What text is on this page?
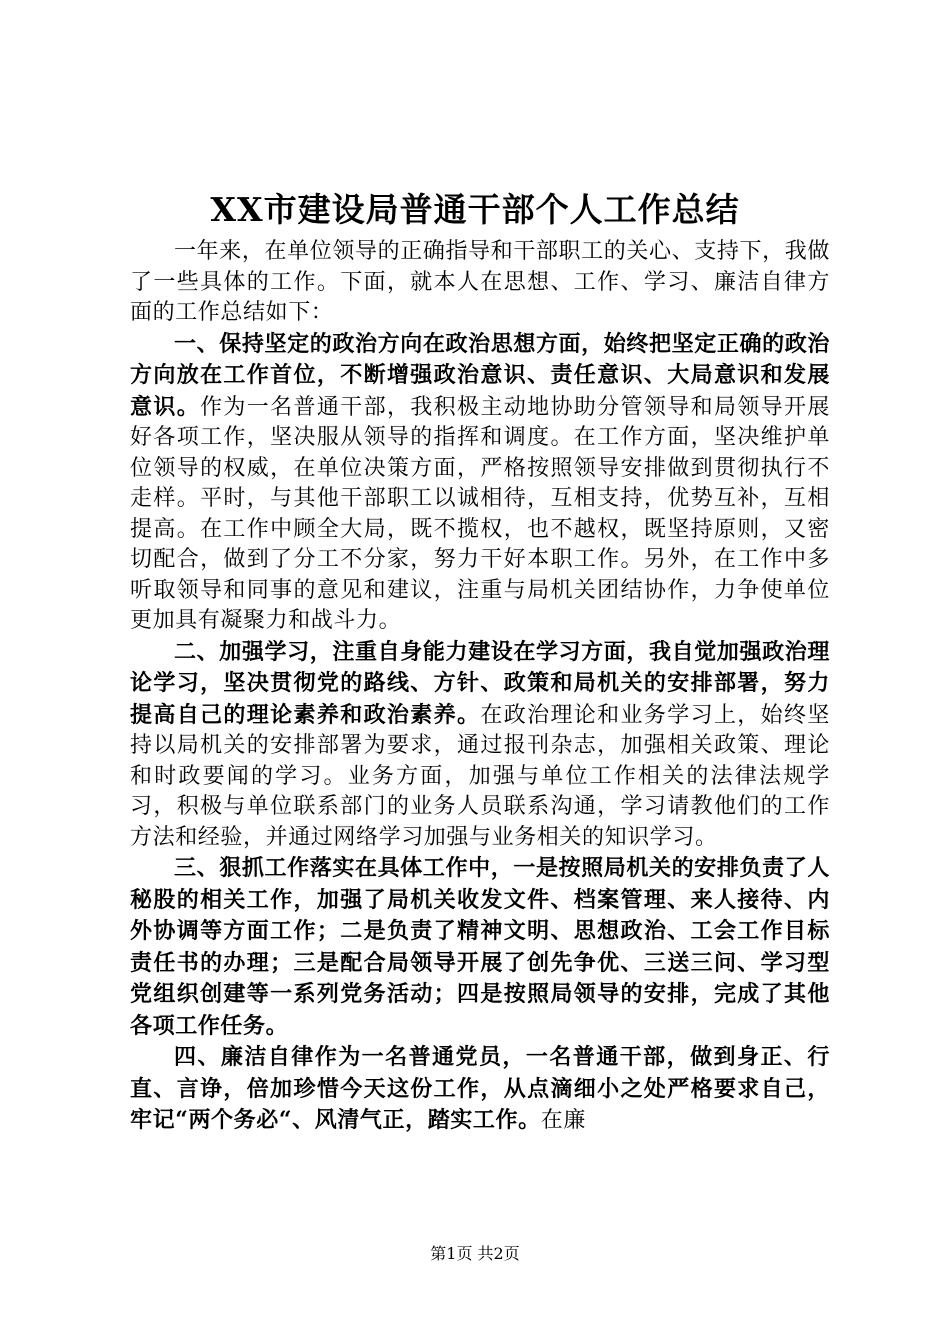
XX市建设局普通干部个人工作总结

一年来，在单位领导的正确指导和干部职工的关心、支持下，我做了一些具体的工作。下面，就本人在思想、工作、学习、廉洁自律方面的工作总结如下：

一、保持坚定的政治方向在政治思想方面，始终把坚定正确的政治方向放在工作首位，不断增强政治意识、责任意识、大局意识和发展意识。作为一名普通干部，我积极主动地协助分管领导和局领导开展好各项工作，坚决服从领导的指挥和调度。在工作方面，坚决维护单位领导的权威，在单位决策方面，严格按照领导安排做到贯彻执行不走样。平时，与其他干部职工以诚相待，互相支持，优势互补，互相提高。在工作中顾全大局，既不揽权，也不越权，既坚持原则，又密切配合，做到了分工不分家，努力干好本职工作。另外，在工作中多听取领导和同事的意见和建议，注重与局机关团结协作，力争使单位更加具有凝聚力和战斗力。

二、加强学习，注重自身能力建设在学习方面，我自觉加强政治理论学习，坚决贯彻党的路线、方针、政策和局机关的安排部署，努力提高自己的理论素养和政治素养。在政治理论和业务学习上，始终坚持以局机关的安排部署为要求，通过报刊杂志，加强相关政策、理论和时政要闻的学习。业务方面，加强与单位工作相关的法律法规学习，积极与单位联系部门的业务人员联系沟通，学习请教他们的工作方法和经验，并通过网络学习加强与业务相关的知识学习。

三、狠抓工作落实在具体工作中，一是按照局机关的安排负责了人秘股的相关工作，加强了局机关收发文件、档案管理、来人接待、内外协调等方面工作；二是负责了精神文明、思想政治、工会工作目标责任书的办理；三是配合局领导开展了创先争优、三送三问、学习型党组织创建等一系列党务活动；四是按照局领导的安排，完成了其他各项工作任务。

四、廉洁自律作为一名普通党员，一名普通干部，做到身正、行直、言诤，倍加珍惜今天这份工作，从点滴细小之处严格要求自己，牢记“两个务必“、风清气正，踏实工作。在廉

第1页 共2页
